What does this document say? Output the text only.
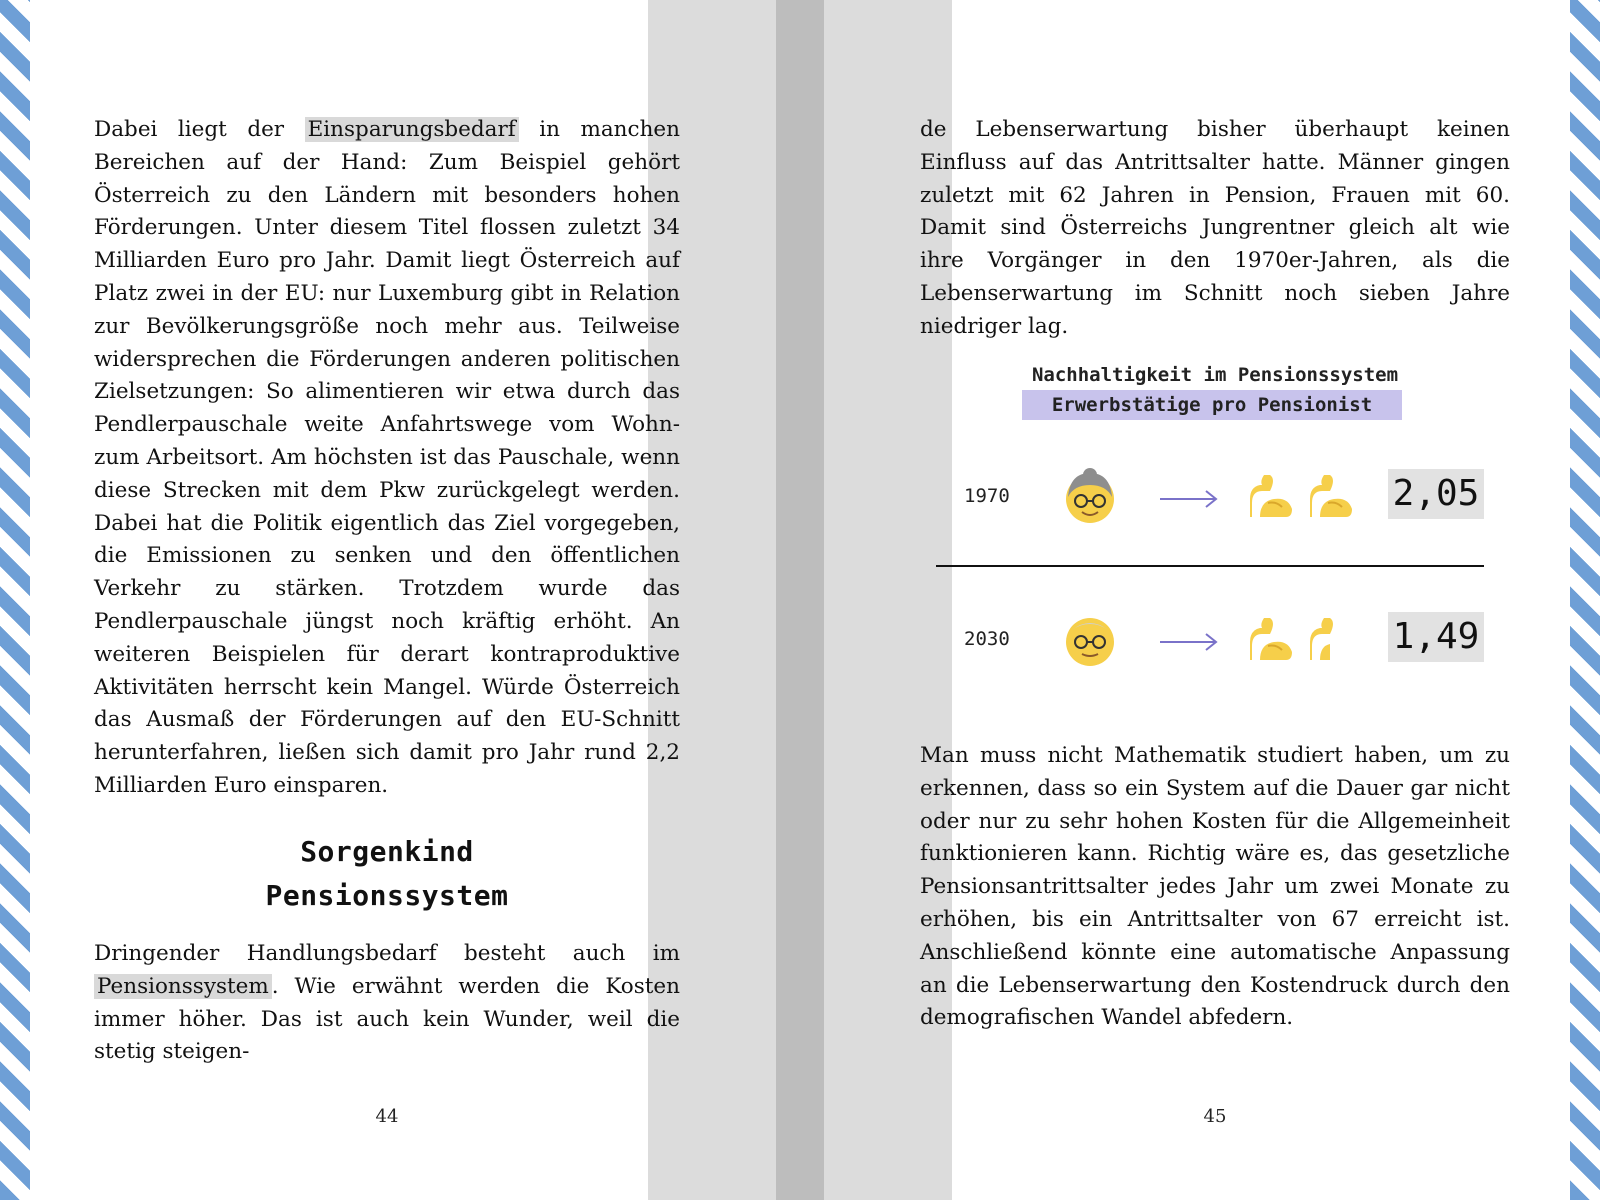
Dabei liegt der Einsparungsbedarf in manchen Bereichen auf der Hand: Zum Beispiel gehört Österreich zu den Ländern mit besonders hohen Förderungen. Unter diesem Titel flossen zuletzt 34 Milliarden Euro pro Jahr. Damit liegt Österreich auf Platz zwei in der EU: nur Luxemburg gibt in Relation zur Bevölkerungsgröße noch mehr aus. Teilweise widersprechen die Förderungen anderen politischen Zielsetzungen: So alimentieren wir etwa durch das Pendlerpauschale weite Anfahrtswege vom Wohn- zum Arbeitsort. Am höchsten ist das Pauschale, wenn diese Strecken mit dem Pkw zurückgelegt werden. Dabei hat die Politik eigentlich das Ziel vorgegeben, die Emissionen zu senken und den öffentlichen Verkehr zu stärken. Trotzdem wurde das Pendlerpauschale jüngst noch kräftig erhöht. An weiteren Beispielen für derart kontraproduktive Aktivitäten herrscht kein Mangel. Würde Österreich das Ausmaß der Förderungen auf den EU-Schnitt herunterfahren, ließen sich damit pro Jahr rund 2,2 Milliarden Euro einsparen.

Sorgenkind
Pensionssystem

Dringender Handlungsbedarf besteht auch im Pensionssystem . Wie erwähnt werden die Kosten immer höher. Das ist auch kein Wunder, weil die stetig steigen-

44

de Lebenserwartung bisher überhaupt keinen Einfluss auf das Antrittsalter hatte. Männer gingen zuletzt mit 62 Jahren in Pension, Frauen mit 60. Damit sind Österreichs Jungrentner gleich alt wie ihre Vorgänger in den 1970er-Jahren, als die Lebenserwartung im Schnitt noch sieben Jahre niedriger lag.

Nachhaltigkeit im Pensionssystem
Erwerbstätige pro Pensionist
1970	2,05
2030	1,49

Man muss nicht Mathematik studiert haben, um zu erkennen, dass so ein System auf die Dauer gar nicht oder nur zu sehr hohen Kosten für die Allgemeinheit funktionieren kann. Richtig wäre es, das gesetzliche Pensionsantrittsalter jedes Jahr um zwei Monate zu erhöhen, bis ein Antrittsalter von 67 erreicht ist. Anschließend könnte eine automatische Anpassung an die Lebenserwartung den Kostendruck durch den demografischen Wandel abfedern.

45
